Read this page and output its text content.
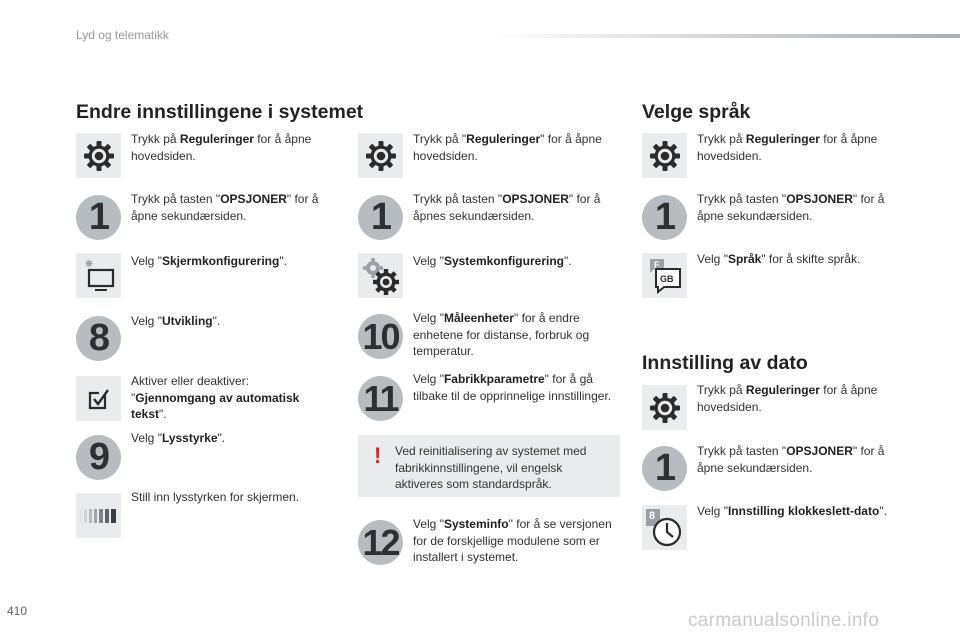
Lyd og telematikk
Endre innstillingene i systemet	Velge språk
Innstilling av dato
Trykk på Reguleringer for å åpne hovedsiden.
1	Trykk på tasten "OPSJONER" for å åpne sekundærsiden.
Velg "Skjermkonfigurering".
8	Velg "Utvikling".
Aktiver eller deaktiver: "Gjennomgang av automatisk tekst".
9	Velg "Lysstyrke".
Still inn lysstyrken for skjermen.
Trykk på "Reguleringer" for å åpne hovedsiden.
1	Trykk på tasten "OPSJONER" for å åpnes sekundærsiden.
Velg "Systemkonfigurering".
10	Velg "Måleenheter" for å endre enhetene for distanse, forbruk og temperatur.
11	Velg "Fabrikkparametre" for å gå tilbake til de opprinnelige innstillinger.
! Ved reinitialisering av systemet med fabrikkinnstillingene, vil engelsk aktiveres som standardspråk.
12	Velg "Systeminfo" for å se versjonen for de forskjellige modulene som er installert i systemet.
Trykk på Reguleringer for å åpne hovedsiden.
1	Trykk på tasten "OPSJONER" for å åpne sekundærsiden.
F
GB
Velg "Språk" for å skifte språk.
Trykk på Reguleringer for å åpne hovedsiden.
1	Trykk på tasten "OPSJONER" for å åpne sekundærsiden.
8	Velg "Innstilling klokkeslett-dato".
410	carmanualsonline.info
